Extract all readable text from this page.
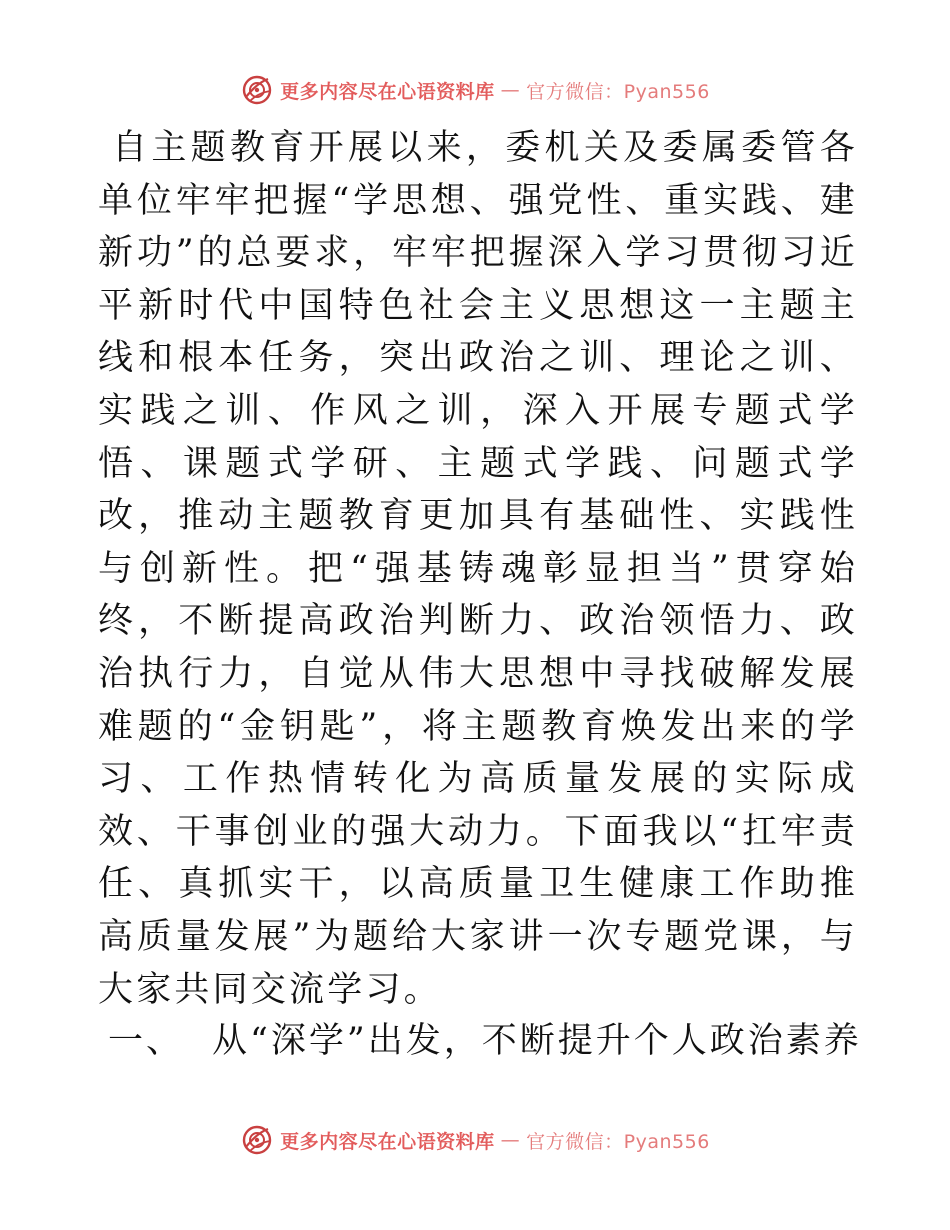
更多内容尽在心语资料库 — 官方微信：Pyan556

自主题教育开展以来，委机关及委属委管各单位牢牢把握“学思想、强党性、重实践、建新功”的总要求，牢牢把握深入学习贯彻习近平新时代中国特色社会主义思想这一主题主线和根本任务，突出政治之训、理论之训、实践之训、作风之训，深入开展专题式学悟、课题式学研、主题式学践、问题式学改，推动主题教育更加具有基础性、实践性与创新性。把“强基铸魂彰显担当”贯穿始终，不断提高政治判断力、政治领悟力、政治执行力，自觉从伟大思想中寻找破解发展难题的“金钥匙”，将主题教育焕发出来的学习、工作热情转化为高质量发展的实际成效、干事创业的强大动力。下面我以“扛牢责任、真抓实干，以高质量卫生健康工作助推高质量发展”为题给大家讲一次专题党课，与大家共同交流学习。

一、 从“深学”出发，不断提升个人政治素养
更多内容尽在心语资料库 — 官方微信：Pyan556
